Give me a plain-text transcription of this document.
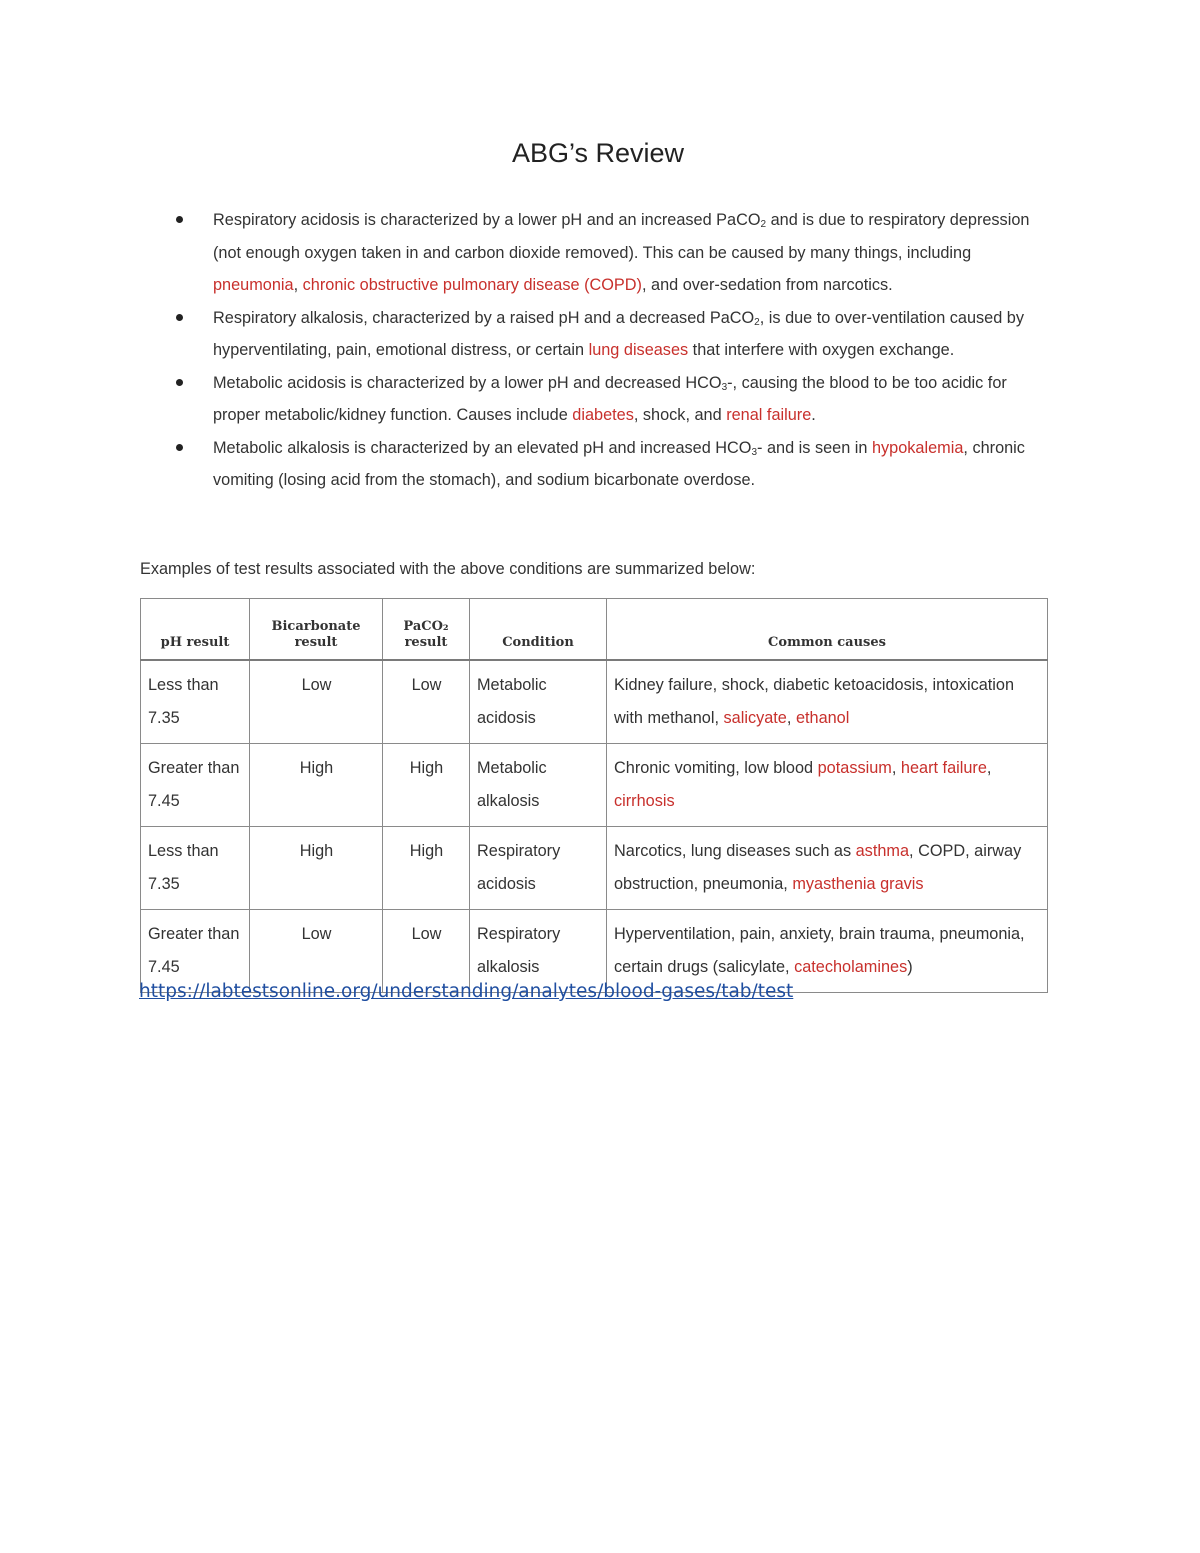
ABG’s Review
Respiratory acidosis is characterized by a lower pH and an increased PaCO$_2$ and is due to respiratory depression (not enough oxygen taken in and carbon dioxide removed). This can be caused by many things, including pneumonia, chronic obstructive pulmonary disease (COPD), and over-sedation from narcotics.
Respiratory alkalosis, characterized by a raised pH and a decreased PaCO$_2$, is due to over-ventilation caused by hyperventilating, pain, emotional distress, or certain lung diseases that interfere with oxygen exchange.
Metabolic acidosis is characterized by a lower pH and decreased $HCO_3-$, causing the blood to be too acidic for proper metabolic/kidney function. Causes include diabetes, shock, and renal failure.
Metabolic alkalosis is characterized by an elevated pH and increased $HCO_3-$ and is seen in hypokalemia, chronic vomiting (losing acid from the stomach), and sodium bicarbonate overdose.
Examples of test results associated with the above conditions are summarized below:
pH result	Bicarbonate result	PaCO₂ result	Condition	Common causes
Less than 7.35	Low	Low	Metabolic acidosis	Kidney failure, shock, diabetic ketoacidosis, intoxication with methanol, salicyate, ethanol
Greater than 7.45	High	High	Metabolic alkalosis	Chronic vomiting, low blood potassium, heart failure, cirrhosis
Less than 7.35	High	High	Respiratory acidosis	Narcotics, lung diseases such as asthma, COPD, airway obstruction, pneumonia, myasthenia gravis
Greater than 7.45	Low	Low	Respiratory alkalosis	Hyperventilation, pain, anxiety, brain trauma, pneumonia, certain drugs (salicylate, catecholamines)
https://labtestsonline.org/understanding/analytes/blood-gases/tab/test
